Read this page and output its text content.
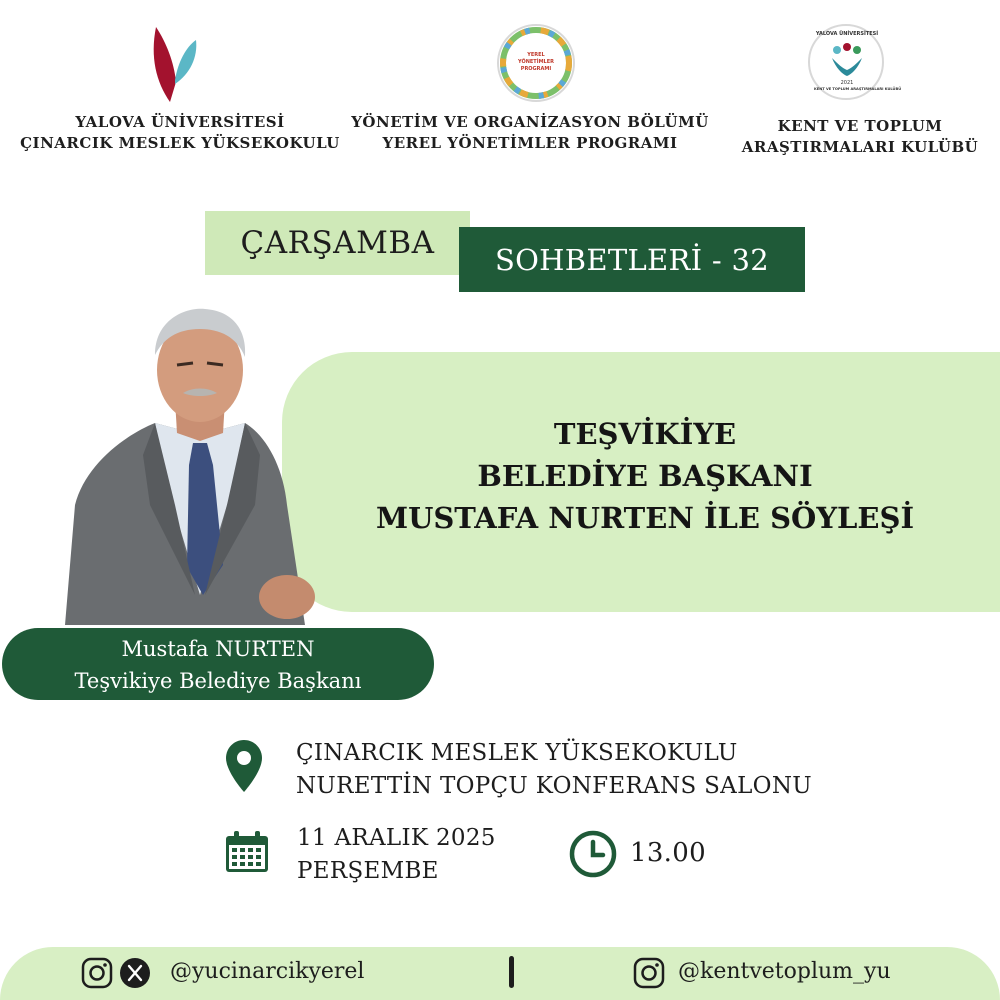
YALOVA ÜNİVERSİTESİ
ÇINARCIK MESLEK YÜKSEKOKULU
YEREL YÖNETİMLER PROGRAMI
YÖNETİM VE ORGANİZASYON BÖLÜMÜ
YEREL YÖNETİMLER PROGRAMI
YALOVA ÜNİVERSİTESİ
2021
KENT VE TOPLUM ARAŞTIRMALARI KULÜBÜ
KENT VE TOPLUM
ARAŞTIRMALARI KULÜBÜ
ÇARŞAMBA	SOHBETLERİ - 32
TEŞVİKİYE
BELEDİYE BAŞKANI
MUSTAFA NURTEN İLE SÖYLEŞİ
Mustafa NURTEN
Teşvikiye Belediye Başkanı
ÇINARCIK MESLEK YÜKSEKOKULU
NURETTİN TOPÇU KONFERANS SALONU
11 ARALIK 2025
PERŞEMBE
13.00
@yucinarcikyerel	@kentvetoplum_yu
